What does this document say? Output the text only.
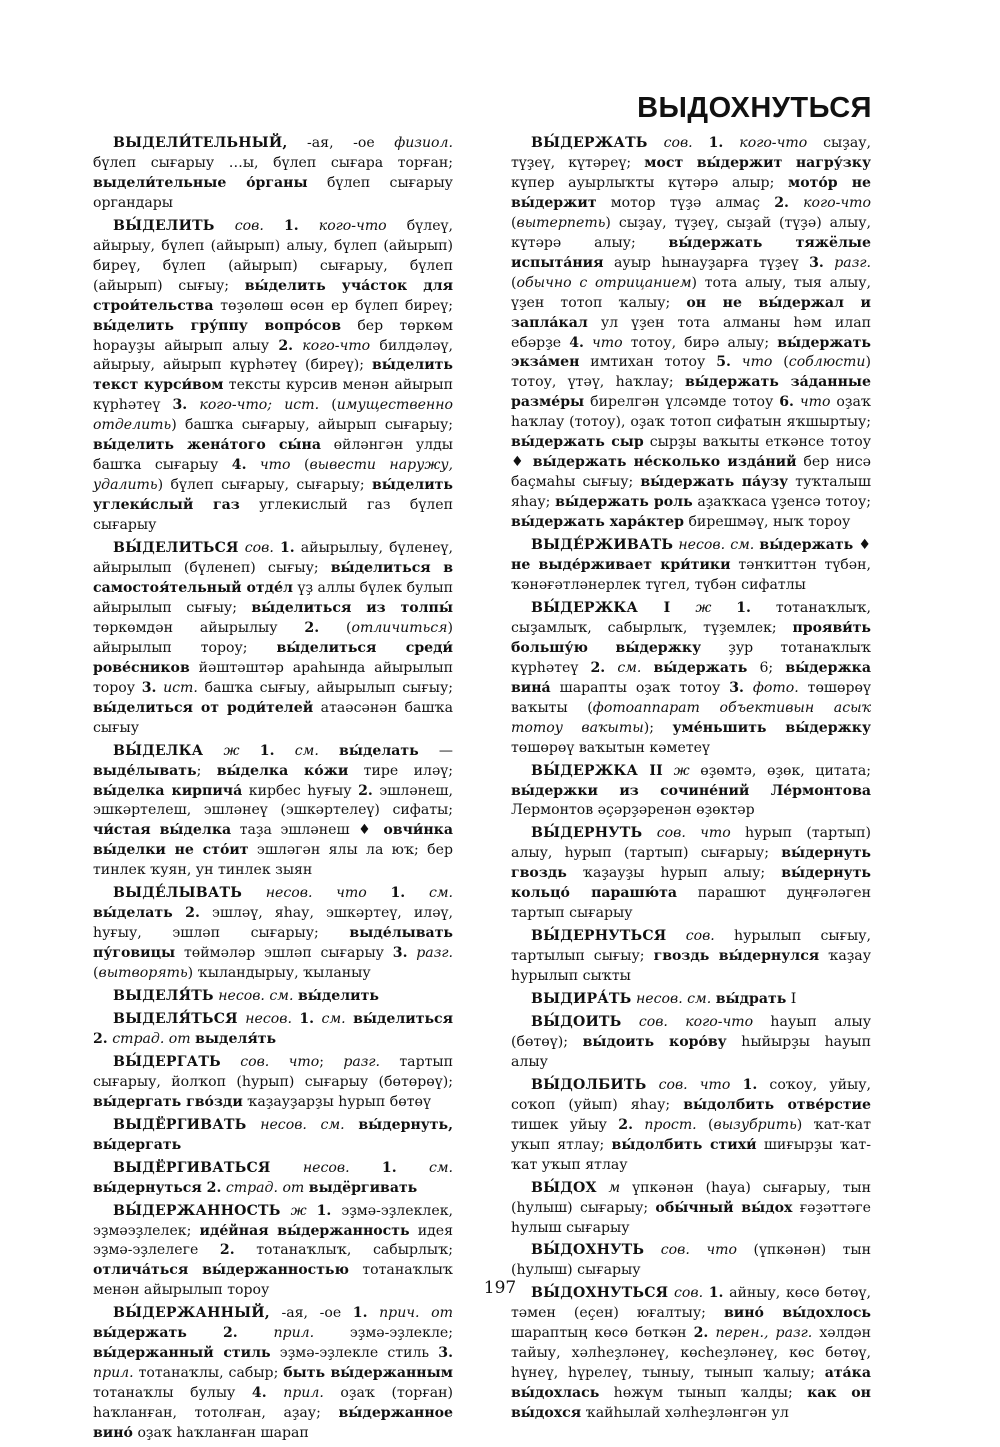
ВЫДОХНУТЬСЯ

ВЫДЕЛИ́ТЕЛЬНЫЙ, -ая, -ое физиол. бүлеп сығарыу …ы, бүлеп сығара торған; выдели́тельные о́рганы бүлеп сығарыу органдары

ВЫ́ДЕЛИТЬ сов. 1. кого-что бүлеү, айырыу, бүлеп (айырып) алыу, бүлеп (айырып) биреү, бүлеп (айырып) сығарыу, бүлеп (айырып) сығыу; вы́делить уча́сток для строи́тельства төҙөлөш өсөн ер бүлеп биреү; вы́делить гру́ппу вопро́сов бер төркөм һорауҙы айырып алыу 2. кого-что билдәләү, айырыу, айырып күрһәтеү (биреү); вы́делить текст курси́вом тексты курсив менән айырып күрһәтеү 3. кого-что; ист. (имущественно отделить) башҡа сығарыу, айырып сығарыу; вы́делить жена́того сы́на өйләнгән улды башҡа сығарыу 4. что (вывести наружу, удалить) бүлеп сығарыу, сығарыу; вы́делить углеки́слый газ углекислый газ бүлеп сығарыу

ВЫ́ДЕЛИТЬСЯ сов. 1. айырылыу, бүленеү, айырылып (бүленеп) сығыу; вы́делиться в самостоя́тельный отде́л үҙ аллы бүлек булып айырылып сығыу; вы́делиться из толпы́ төркөмдән айырылыу 2. (отличиться) айырылып тороу; вы́делиться среди́ рове́сников йәштәштәр араһында айырылып тороу 3. ист. башҡа сығыу, айырылып сығыу; вы́делиться от роди́телей атаәсәнән башҡа сығыу

ВЫ́ДЕЛКА ж 1. см. вы́делать — выде́лывать; вы́делка ко́жи тире иләү; вы́делка кирпича́ кирбес һуғыу 2. эшләнеш, эшкәртелеш, эшләнеү (эшкәртелеү) сифаты; чи́стая вы́делка таҙа эшләнеш ♦ овчи́нка вы́делки не сто́ит эшләгән ялы ла юҡ; бер тинлек ҡуян, ун тинлек зыян

ВЫДЕ́ЛЫВАТЬ несов. что 1. см. вы́делать 2. эшләү, яһау, эшкәртеү, иләү, һуғыу, эшләп сығарыу; выде́лывать пу́говицы төймәләр эшләп сығарыу 3. разг. (вытворять) ҡыландырыу, ҡыланыу

ВЫДЕЛЯ́ТЬ несов. см. вы́делить

ВЫДЕЛЯ́ТЬСЯ несов. 1. см. вы́делиться 2. страд. от выделя́ть

ВЫ́ДЕРГАТЬ сов. что; разг. тартып сығарыу, йолҡоп (һурып) сығарыу (бөтөрөү); вы́дергать гво́зди ҡаҙауҙарҙы һурып бөтөү

ВЫДЁРГИВАТЬ несов. см. вы́дернуть, вы́дергать

ВЫДЁРГИВАТЬСЯ несов. 1. см. вы́дернуться 2. страд. от выдёргивать

ВЫ́ДЕРЖАННОСТЬ ж 1. эҙмә-эҙлеклек, эҙмәэҙлелек; иде́йная вы́держанность идея эҙмә-эҙлелеге 2. тотанаҡлыҡ, сабырлыҡ; отлича́ться вы́держанностью тотанаҡлыҡ менән айырылып тороу

ВЫ́ДЕРЖАННЫЙ, -ая, -ое 1. прич. от вы́держать 2.	прил. эҙмә-эҙлекле; вы́держанный стиль эҙмә-эҙлекле стиль 3. прил. тотанаҡлы, сабыр; быть вы́держанным тотанаҡлы булыу 4. прил. оҙаҡ (торған) һаҡланған, тотолған, аҙау; вы́держанное вино́ оҙаҡ һаҡланған шарап

ВЫ́ДЕРЖАТЬ сов. 1. кого-что сыҙау, түҙеү, күтәреү; мост вы́держит нагру́зку күпер ауырлыҡты күтәрә алыр; мото́р не вы́держит мотор түҙә алмаҫ 2. кого-что (вытерпеть) сыҙау, түҙеү, сыҙай (түҙә) алыу, күтәрә алыу; вы́держать тяжёлые испыта́ния ауыр һынауҙарға түҙеү 3. разг. (обычно с отрицанием) тота алыу, тыя алыу, үҙен тотоп ҡалыу; он не вы́держал и запла́кал ул үҙен тота алманы һәм илап ебәрҙе 4. что тотоу, бирә алыу; вы́держать экза́мен имтихан тотоу 5. что (соблюсти) тотоу, үтәү, һаҡлау; вы́держать за́данные разме́ры бирелгән үлсәмде тотоу 6. что оҙаҡ һаҡлау (тотоу), оҙаҡ тотоп сифатын яҡшыртыу; вы́держать сыр сырҙы ваҡыты еткәнсе тотоу ♦ вы́держать не́сколько изда́ний бер нисә баҫмаһы сығыу; вы́держать па́узу туҡталыш яһау; вы́держать роль аҙаҡҡаса үҙенсә тотоу; вы́держать хара́ктер бирешмәү, ныҡ тороу

ВЫДЕ́РЖИВАТЬ несов. см. вы́держать ♦ не выде́рживает кри́тики тәнҡиттән түбән, ҡәнәғәтләнерлек түгел, түбән сифатлы

ВЫ́ДЕРЖКА I ж 1. тотанаҡлыҡ, сыҙамлыҡ, сабырлыҡ, түҙемлек; прояви́ть большу́ю вы́держку ҙур тотанаҡлыҡ күрһәтеү 2. см. вы́держать 6; вы́держка вина́ шарапты оҙаҡ тотоу 3. фото. төшөрөү ваҡыты (фотоаппарат объективын асыҡ тотоу ваҡыты); уме́ньшить вы́держку төшөрөү ваҡытын кәметеү

ВЫ́ДЕРЖКА II ж өҙөмтә, өҙөк, цитата; вы́держки из сочине́ний Ле́рмонтова Лермонтов әҫәрҙәренән өҙөктәр

ВЫ́ДЕРНУТЬ сов. что һурып (тартып) алыу, һурып (тартып) сығарыу; вы́дернуть гвоздь ҡаҙауҙы һурып алыу; вы́дернуть кольцо́ парашю́та парашют дуңғәләген тартып сығарыу

ВЫ́ДЕРНУТЬСЯ сов. һурылып сығыу, тартылып сығыу; гвоздь вы́дернулся ҡаҙау һурылып сыҡты

ВЫДИРА́ТЬ несов. см. вы́драть I

ВЫ́ДОИТЬ сов. кого-что һауып алыу (бөтөү); вы́доить коро́ву һыйырҙы һауып алыу

ВЫ́ДОЛБИТЬ сов. что 1. соҡоу, уйыу, соҡоп (уйып) яһау; вы́долбить отве́рстие тишек уйыу 2. прост. (вызубрить) ҡат-ҡат уҡып ятлау; вы́долбить стихи́ шиғырҙы ҡат-ҡат уҡып ятлау

ВЫ́ДОХ м үпкәнән (һауа) сығарыу, тын (һулыш) сығарыу; обы́чный вы́дох ғәҙәттәге һулыш сығарыу

ВЫ́ДОХНУТЬ сов. что (үпкәнән) тын (һулыш) сығарыу

ВЫ́ДОХНУТЬСЯ сов. 1. айныу, көсө бөтөү, тәмен (еҫен) юғалтыу; вино́ вы́дохлось шараптың көсө бөткән 2. перен., разг. хәлдән тайыу, хәлһеҙләнеү, көсһеҙләнеү, көс бөтөү, һүнеү, һүрелеү, тыныу, тынып ҡалыу; ата́ка вы́дохлась һөжүм тынып ҡалды; как он вы́дохся ҡайһылай хәлһеҙләнгән ул

197
